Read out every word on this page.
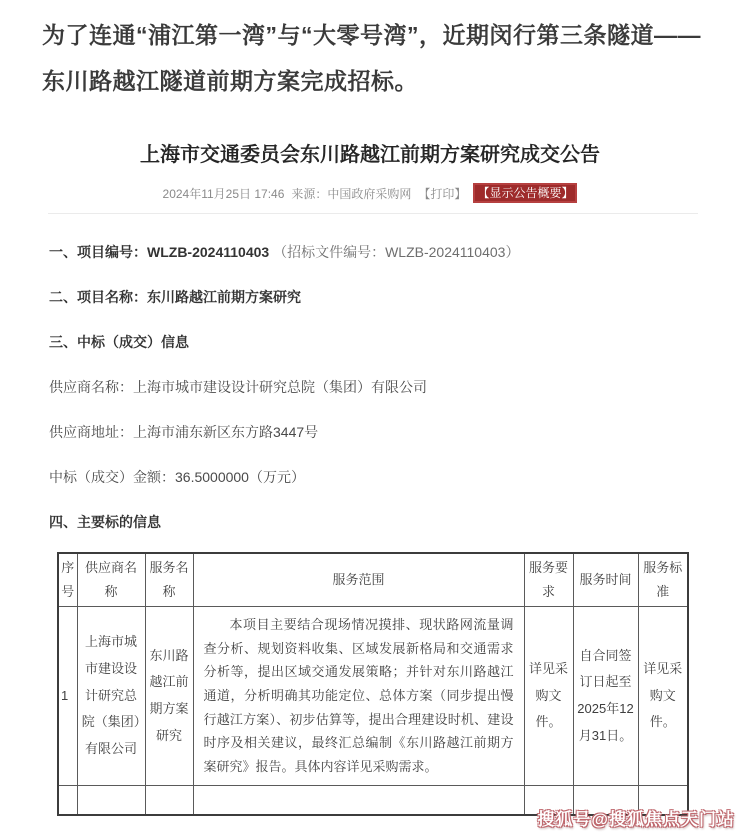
为了连通“浦江第一湾”与“大零号湾”，近期闵行第三条隧道——东川路越江隧道前期方案完成招标。

上海市交通委员会东川路越江前期方案研究成交公告
2024年11月25日 17:46 来源：中国政府采购网 【打印】 【显示公告概要】

一、项目编号：WLZB-2024110403 （招标文件编号：WLZB-2024110403）

二、项目名称：东川路越江前期方案研究

三、中标（成交）信息

供应商名称：上海市城市建设设计研究总院（集团）有限公司

供应商地址：上海市浦东新区东方路3447号

中标（成交）金额：36.5000000（万元）

四、主要标的信息

序号	供应商名称	服务名称	服务范围	服务要求	服务时间	服务标准
1	上海市城市建设设计研究总院（集团）有限公司	东川路越江前期方案研究	本项目主要结合现场情况摸排、现状路网流量调查分析、规划资料收集、区域发展新格局和交通需求分析等，提出区域交通发展策略；并针对东川路越江通道，分析明确其功能定位、总体方案（同步提出慢行越江方案）、初步估算等，提出合理建设时机、建设时序及相关建议，最终汇总编制《东川路越江前期方案研究》报告。具体内容详见采购需求。	详见采购文件。	自合同签订日起至2025年12月31日。	详见采购文件。

搜狐号@搜狐焦点天门站
